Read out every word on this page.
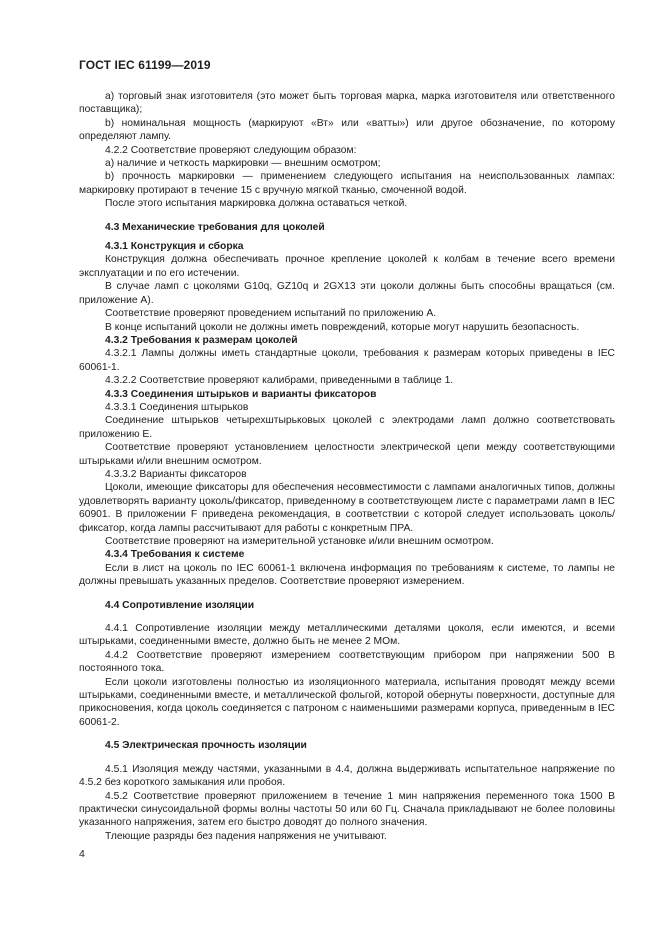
ГОСТ IEC 61199—2019
a) торговый знак изготовителя (это может быть торговая марка, марка изготовителя или ответственного поставщика);
b) номинальная мощность (маркируют «Вт» или «ватты») или другое обозначение, по которому определяют лампу.
4.2.2 Соответствие проверяют следующим образом:
a) наличие и четкость маркировки — внешним осмотром;
b) прочность маркировки — применением следующего испытания на неиспользованных лампах: маркировку протирают в течение 15 с вручную мягкой тканью, смоченной водой.
После этого испытания маркировка должна оставаться четкой.
4.3 Механические требования для цоколей
4.3.1 Конструкция и сборка
Конструкция должна обеспечивать прочное крепление цоколей к колбам в течение всего времени эксплуатации и по его истечении.
В случае ламп с цоколями G10q, GZ10q и 2GX13 эти цоколи должны быть способны вращаться (см. приложение А).
Соответствие проверяют проведением испытаний по приложению А.
В конце испытаний цоколи не должны иметь повреждений, которые могут нарушить безопасность.
4.3.2 Требования к размерам цоколей
4.3.2.1 Лампы должны иметь стандартные цоколи, требования к размерам которых приведены в IEC 60061-1.
4.3.2.2 Соответствие проверяют калибрами, приведенными в таблице 1.
4.3.3 Соединения штырьков и варианты фиксаторов
4.3.3.1 Соединения штырьков
Соединение штырьков четырехштырьковых цоколей с электродами ламп должно соответствовать приложению Е.
Соответствие проверяют установлением целостности электрической цепи между соответствующими штырьками и/или внешним осмотром.
4.3.3.2 Варианты фиксаторов
Цоколи, имеющие фиксаторы для обеспечения несовместимости с лампами аналогичных типов, должны удовлетворять варианту цоколь/фиксатор, приведенному в соответствующем листе с параметрами ламп в IEC 60901. В приложении F приведена рекомендация, в соответствии с которой следует использовать цоколь/фиксатор, когда лампы рассчитывают для работы с конкретным ПРА.
Соответствие проверяют на измерительной установке и/или внешним осмотром.
4.3.4 Требования к системе
Если в лист на цоколь по IEC 60061-1 включена информация по требованиям к системе, то лампы не должны превышать указанных пределов. Соответствие проверяют измерением.
4.4 Сопротивление изоляции
4.4.1 Сопротивление изоляции между металлическими деталями цоколя, если имеются, и всеми штырьками, соединенными вместе, должно быть не менее 2 МОм.
4.4.2 Соответствие проверяют измерением соответствующим прибором при напряжении 500 В постоянного тока.
Если цоколи изготовлены полностью из изоляционного материала, испытания проводят между всеми штырьками, соединенными вместе, и металлической фольгой, которой обернуты поверхности, доступные для прикосновения, когда цоколь соединяется с патроном с наименьшими размерами корпуса, приведенным в IEC 60061-2.
4.5 Электрическая прочность изоляции
4.5.1 Изоляция между частями, указанными в 4.4, должна выдерживать испытательное напряжение по 4.5.2 без короткого замыкания или пробоя.
4.5.2 Соответствие проверяют приложением в течение 1 мин напряжения переменного тока 1500 В практически синусоидальной формы волны частоты 50 или 60 Гц. Сначала прикладывают не более половины указанного напряжения, затем его быстро доводят до полного значения.
Тлеющие разряды без падения напряжения не учитывают.
4
